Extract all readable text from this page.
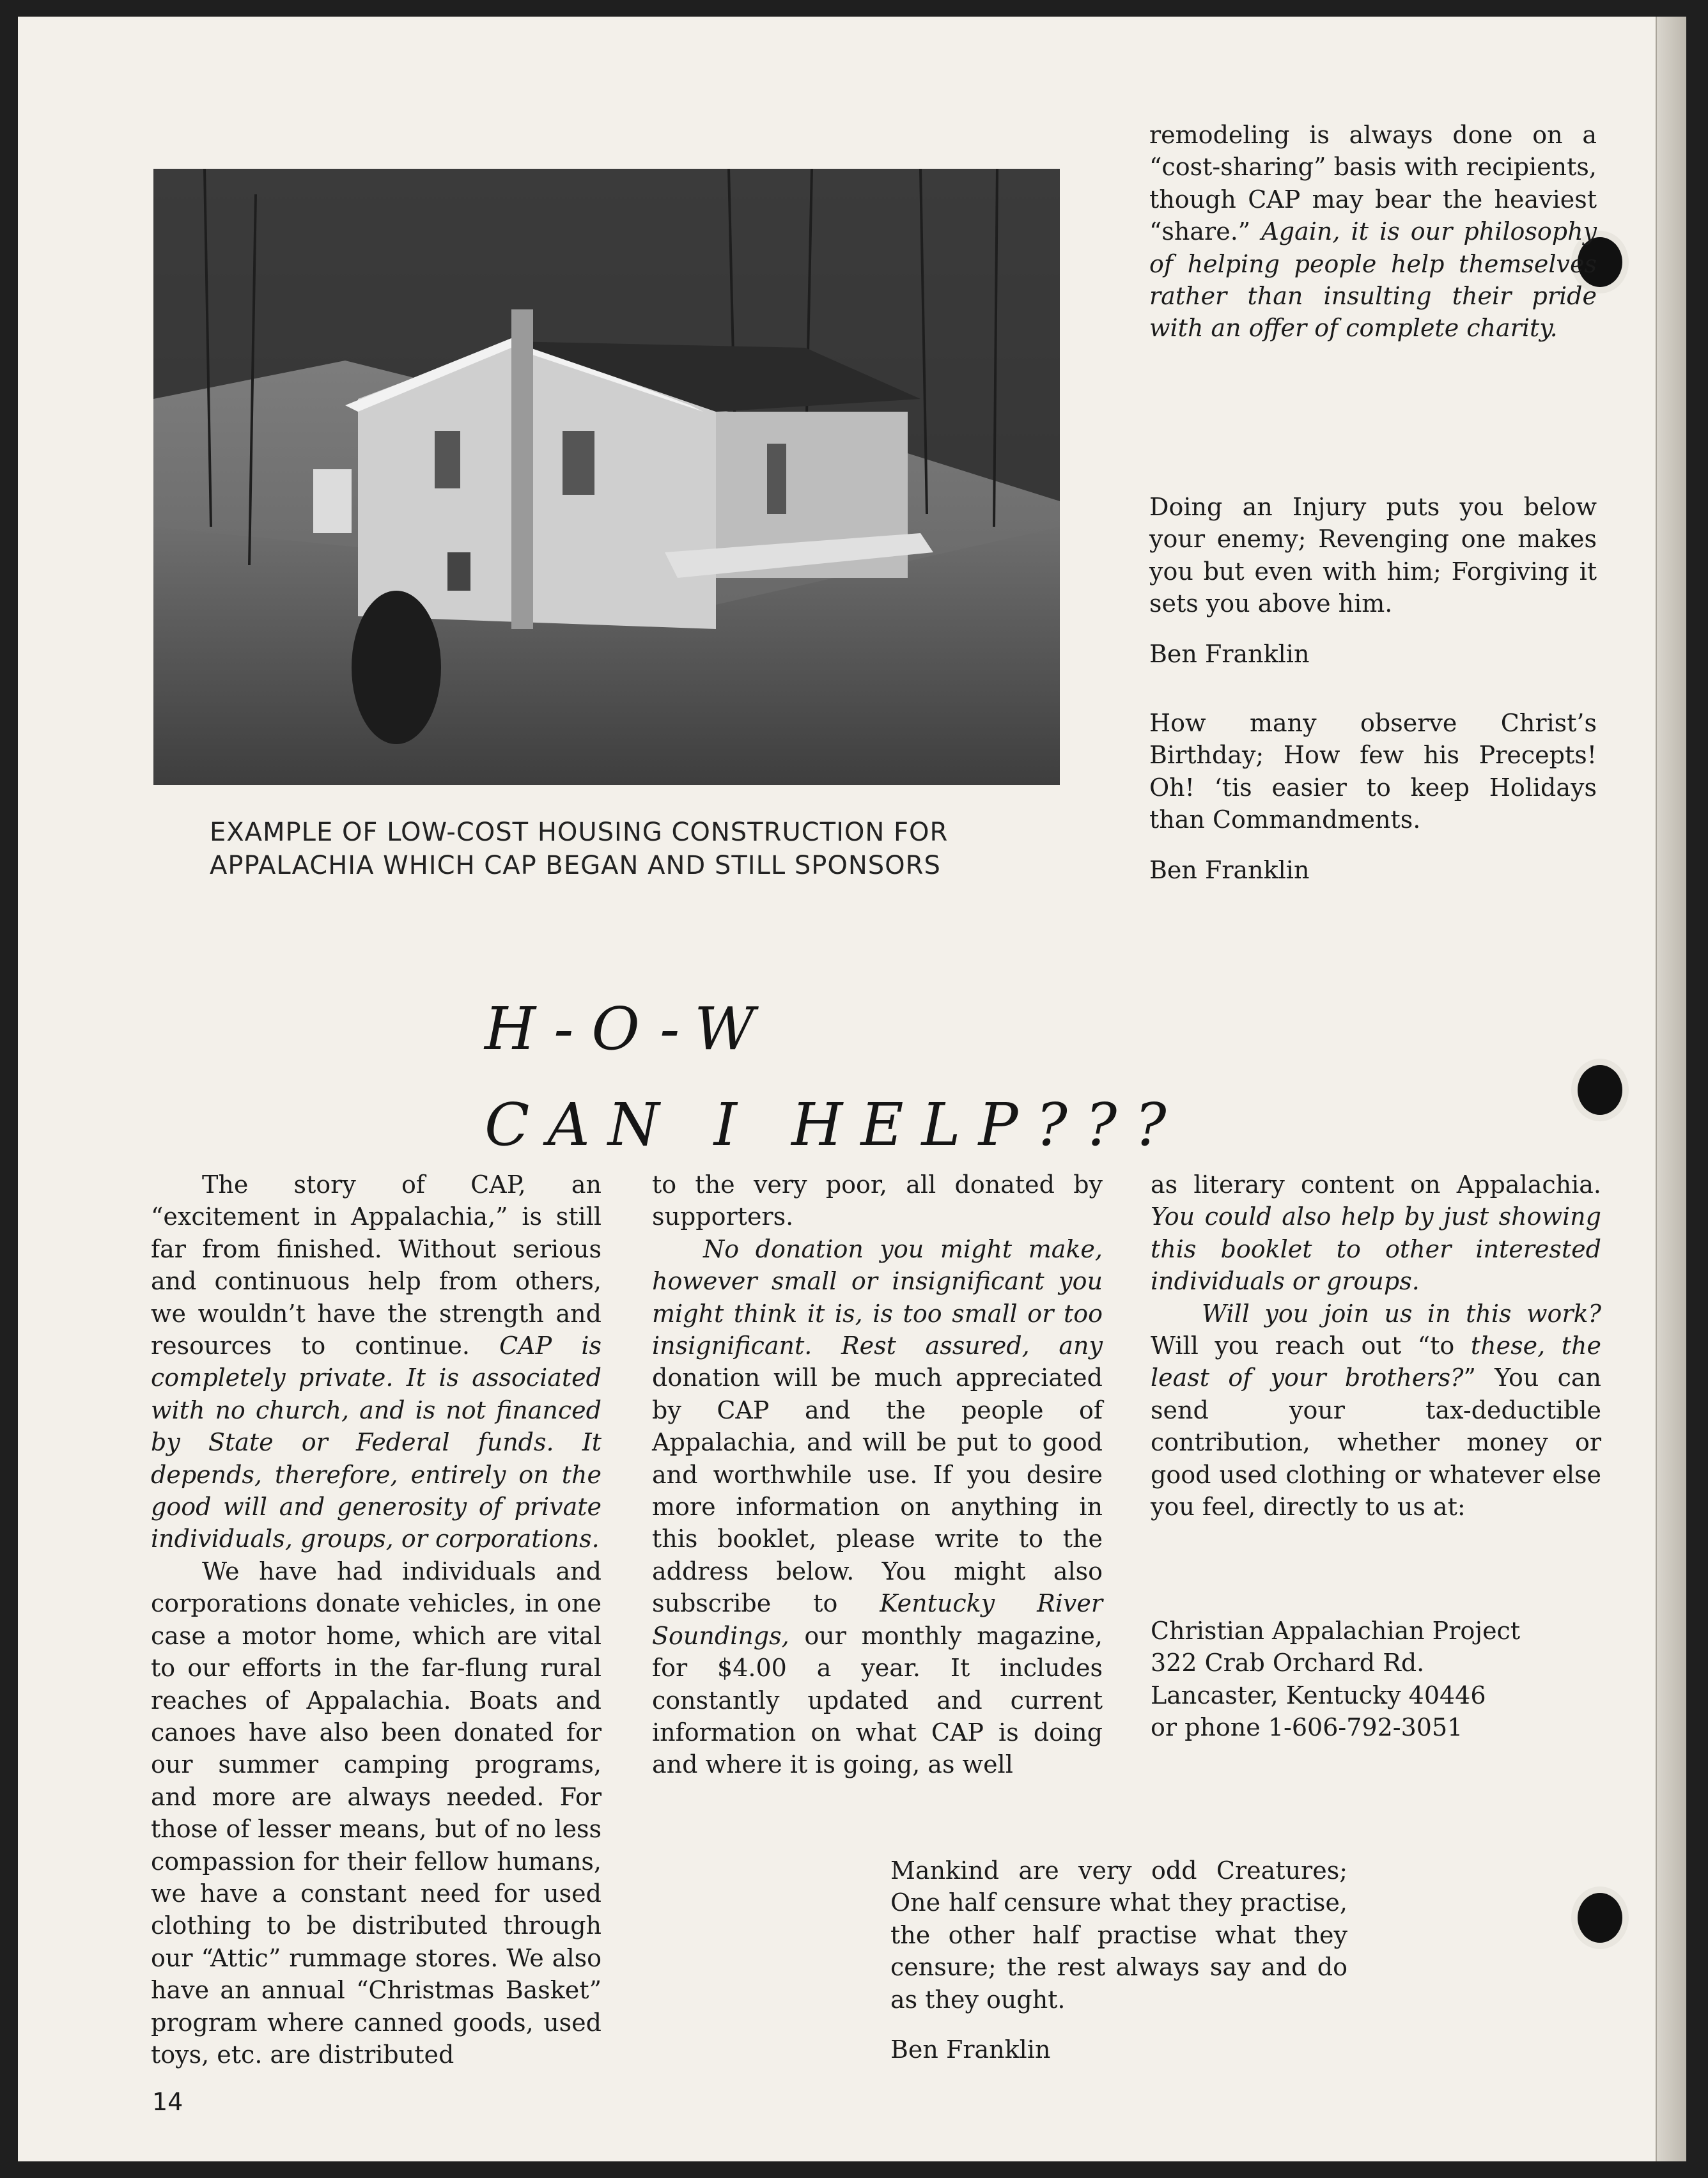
EXAMPLE OF LOW-COST HOUSING CONSTRUCTION FOR
APPALACHIA WHICH CAP BEGAN AND STILL SPONSORS

remodeling is always done on a “cost-sharing” basis with recipients, though CAP may bear the heaviest “share.” Again, it is our philosophy of helping people help themselves rather than insulting their pride with an offer of complete charity.

Doing an Injury puts you below your enemy; Revenging one makes you but even with him; Forgiving it sets you above him.

Ben Franklin

How many observe Christ’s Birthday; How few his Precepts! Oh! ‘tis easier to keep Holidays than Commandments.

Ben Franklin

H-O-W
CAN I HELP???

The story of CAP, an “excitement in Appalachia,” is still far from finished. Without serious and continuous help from others, we wouldn’t have the strength and resources to continue. CAP is completely private. It is associated with no church, and is not financed by State or Federal funds. It depends, therefore, entirely on the good will and generosity of private individuals, groups, or corporations.

We have had individuals and corporations donate vehicles, in one case a motor home, which are vital to our efforts in the far-flung rural reaches of Appalachia. Boats and canoes have also been donated for our summer camping programs, and more are always needed. For those of lesser means, but of no less compassion for their fellow humans, we have a constant need for used clothing to be distributed through our “Attic” rummage stores. We also have an annual “Christmas Basket” program where canned goods, used toys, etc. are distributed

to the very poor, all donated by supporters.

No donation you might make, however small or insignificant you might think it is, is too small or too insignificant. Rest assured, any donation will be much appreciated by CAP and the people of Appalachia, and will be put to good and worthwhile use. If you desire more information on anything in this booklet, please write to the address below. You might also subscribe to Kentucky River Soundings, our monthly magazine, for $4.00 a year. It includes constantly updated and current information on what CAP is doing and where it is going, as well

as literary content on Appalachia. You could also help by just showing this booklet to other interested individuals or groups.

Will you join us in this work? Will you reach out “to these, the least of your brothers?” You can send your tax-deductible contribution, whether money or good used clothing or whatever else you feel, directly to us at:

Christian Appalachian Project

322 Crab Orchard Rd.

Lancaster, Kentucky 40446

or phone 1-606-792-3051

Mankind are very odd Creatures; One half censure what they practise, the other half practise what they censure; the rest always say and do as they ought.

Ben Franklin

14
